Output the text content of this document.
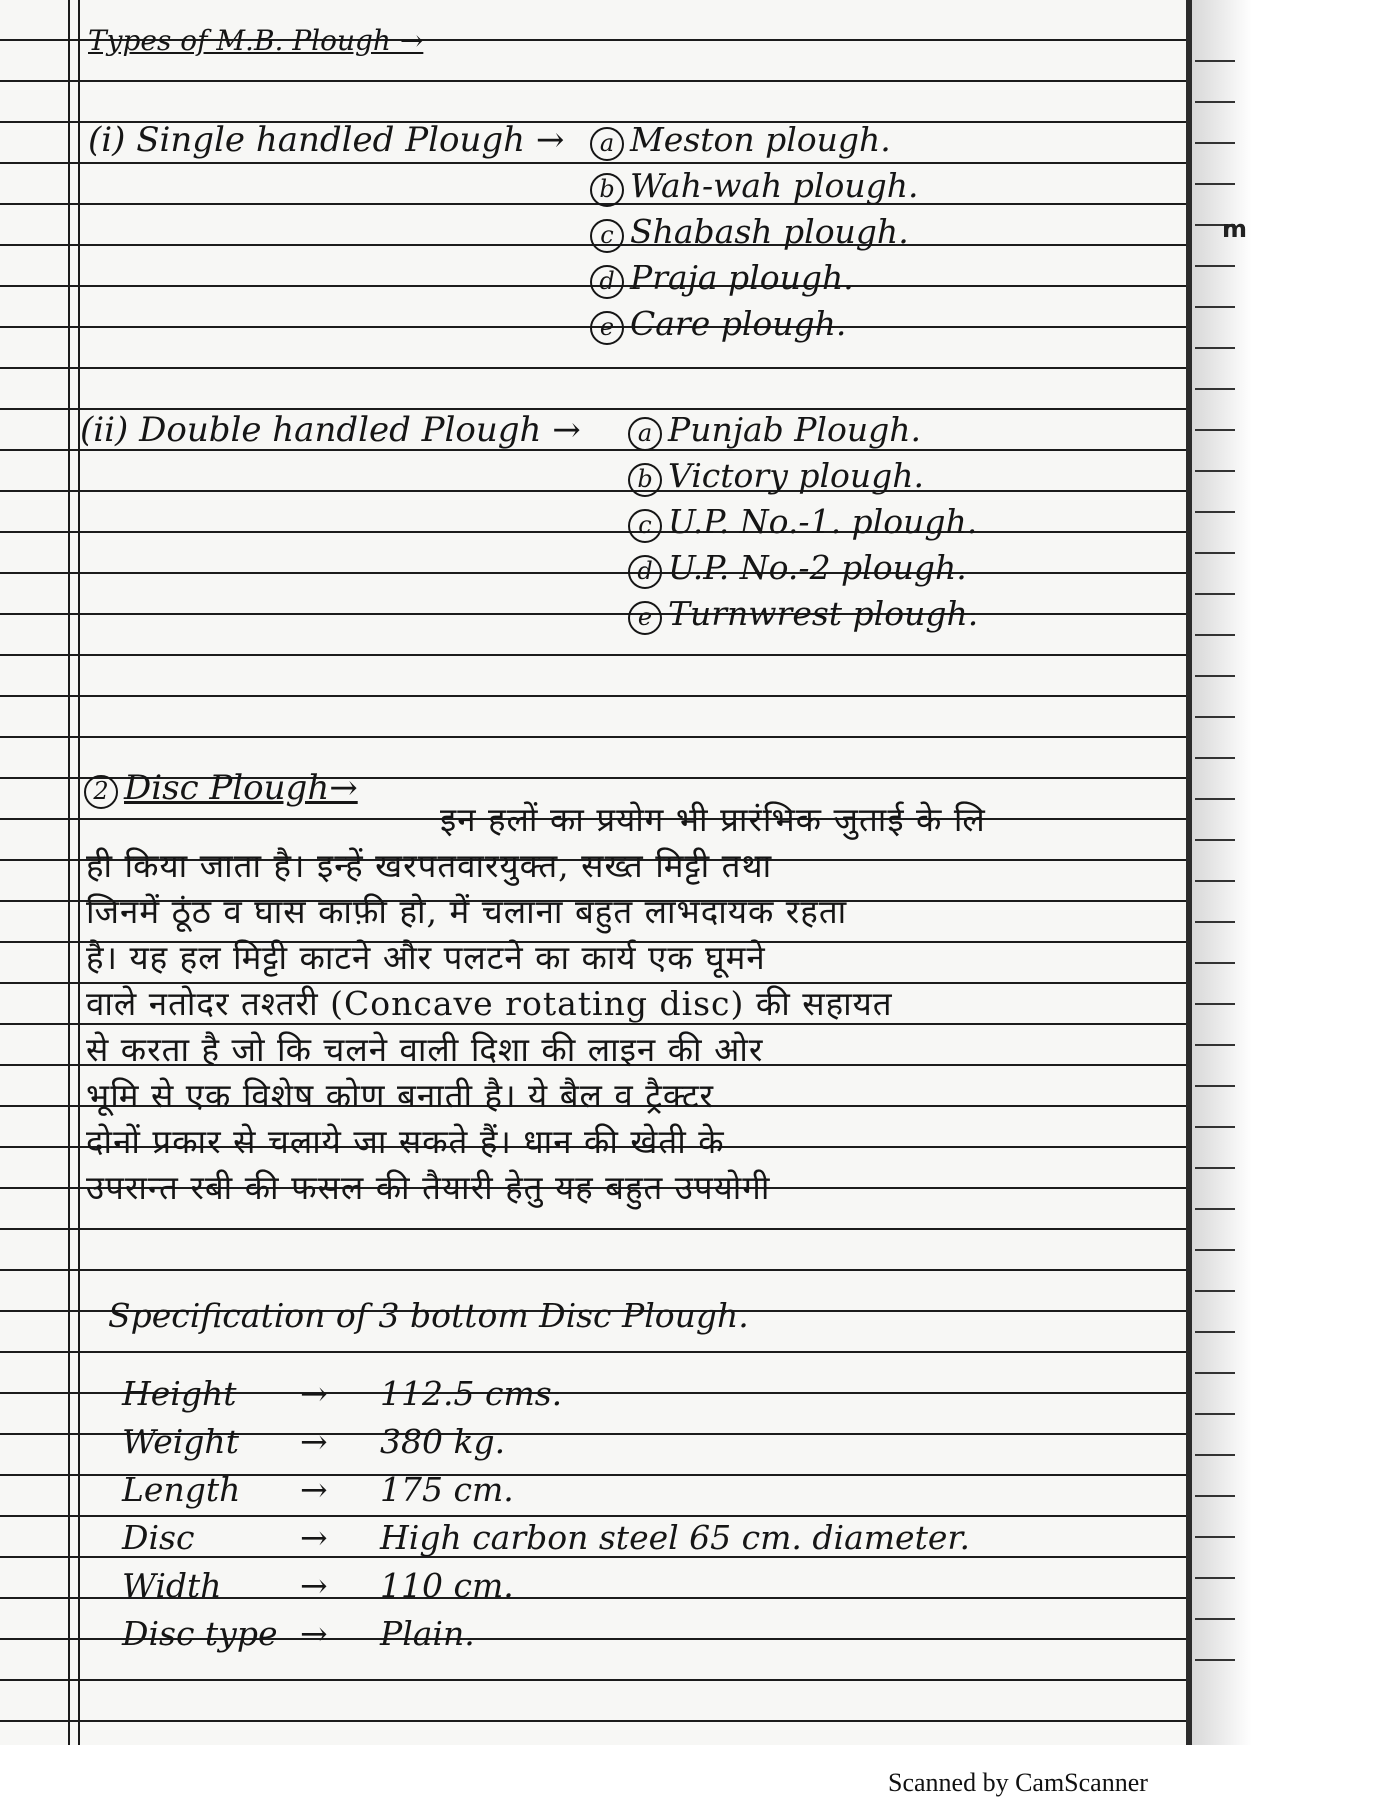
m
Types of M.B. Plough →
(i) Single handled Plough →	a Meston plough.
b Wah-wah plough.
c Shabash plough.
d Praja plough.
e Care plough.
(ii) Double handled Plough →	a Punjab Plough.
b Victory plough.
c U.P. No.-1. plough.
d U.P. No.-2 plough.
e Turnwrest plough.
2 Disc Plough→
इन हलों का प्रयोग भी प्रारंभिक जुताई के लि
ही किया जाता है। इन्हें खरपतवारयुक्त, सख्त मिट्टी तथा
जिनमें ठूंठ व घास काफ़ी हो, में चलाना बहुत लाभदायक रहता
है। यह हल मिट्टी काटने और पलटने का कार्य एक घूमने
वाले नतोदर तश्तरी (Concave rotating disc) की सहायत
से करता है जो कि चलने वाली दिशा की लाइन की ओर
भूमि से एक विशेष कोण बनाती है। ये बैल व ट्रैक्टर
दोनों प्रकार से चलाये जा सकते हैं। धान की खेती के
उपरान्त रबी की फसल की तैयारी हेतु यह बहुत उपयोगी
Specification of 3 bottom Disc Plough.
Height → 112.5 cms.
Weight → 380 kg.
Length → 175 cm.
Disc	→ High carbon steel 65 cm. diameter.
Width → 110 cm.
Disc type → Plain.
Scanned by CamScanner
